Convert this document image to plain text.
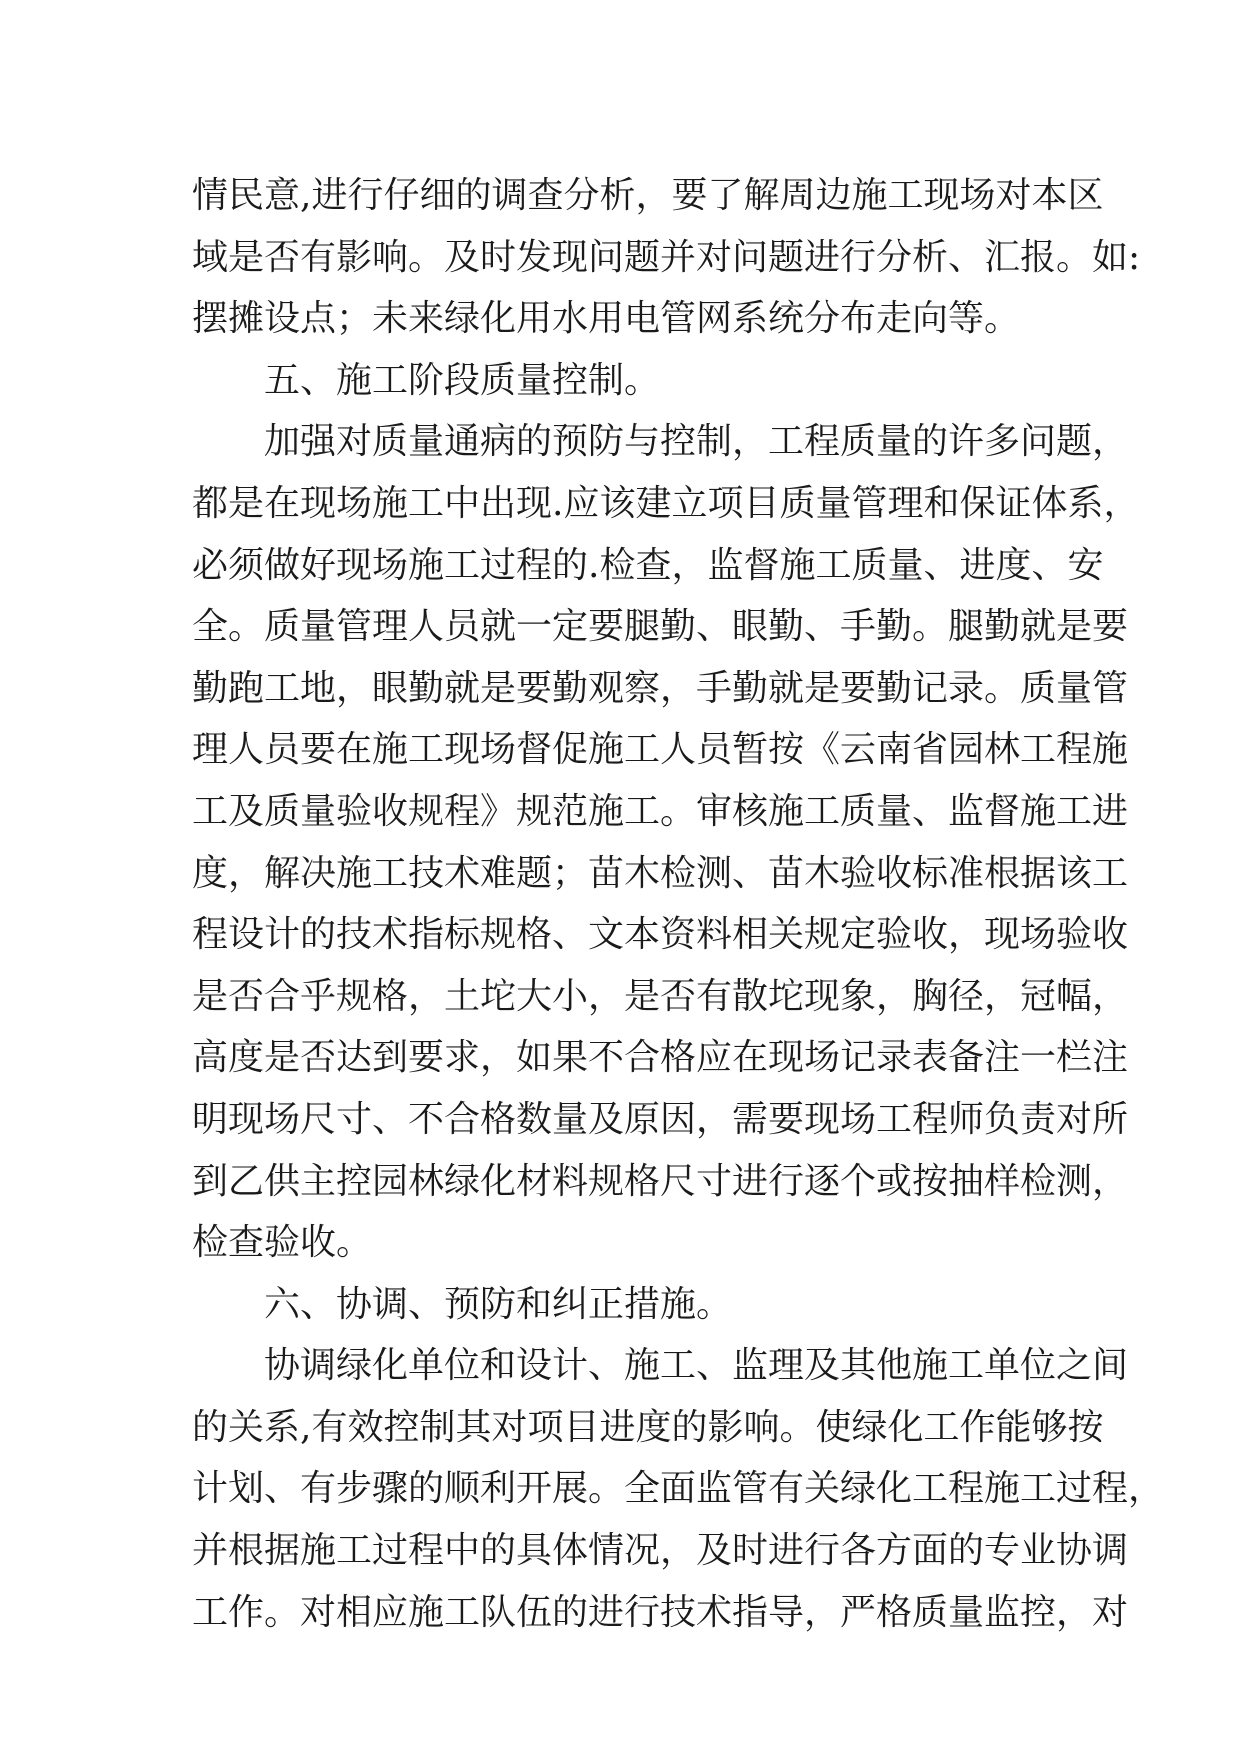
情民意,进行仔细的调查分析，要了解周边施工现场对本区
域是否有影响。及时发现问题并对问题进行分析、汇报。如:
摆摊设点；未来绿化用水用电管网系统分布走向等。
五、施工阶段质量控制。
加强对质量通病的预防与控制，工程质量的许多问题，
都是在现场施工中出现.应该建立项目质量管理和保证体系，
必须做好现场施工过程的.检查，监督施工质量、进度、安
全。质量管理人员就一定要腿勤、眼勤、手勤。腿勤就是要
勤跑工地，眼勤就是要勤观察，手勤就是要勤记录。质量管
理人员要在施工现场督促施工人员暂按《云南省园林工程施
工及质量验收规程》规范施工。审核施工质量、监督施工进
度，解决施工技术难题；苗木检测、苗木验收标准根据该工
程设计的技术指标规格、文本资料相关规定验收，现场验收
是否合乎规格，土坨大小，是否有散坨现象，胸径，冠幅，
高度是否达到要求，如果不合格应在现场记录表备注一栏注
明现场尺寸、不合格数量及原因，需要现场工程师负责对所
到乙供主控园林绿化材料规格尺寸进行逐个或按抽样检测，
检查验收。
六、协调、预防和纠正措施。
协调绿化单位和设计、施工、监理及其他施工单位之间
的关系,有效控制其对项目进度的影响。使绿化工作能够按
计划、有步骤的顺利开展。全面监管有关绿化工程施工过程，
并根据施工过程中的具体情况，及时进行各方面的专业协调
工作。对相应施工队伍的进行技术指导，严格质量监控，对
